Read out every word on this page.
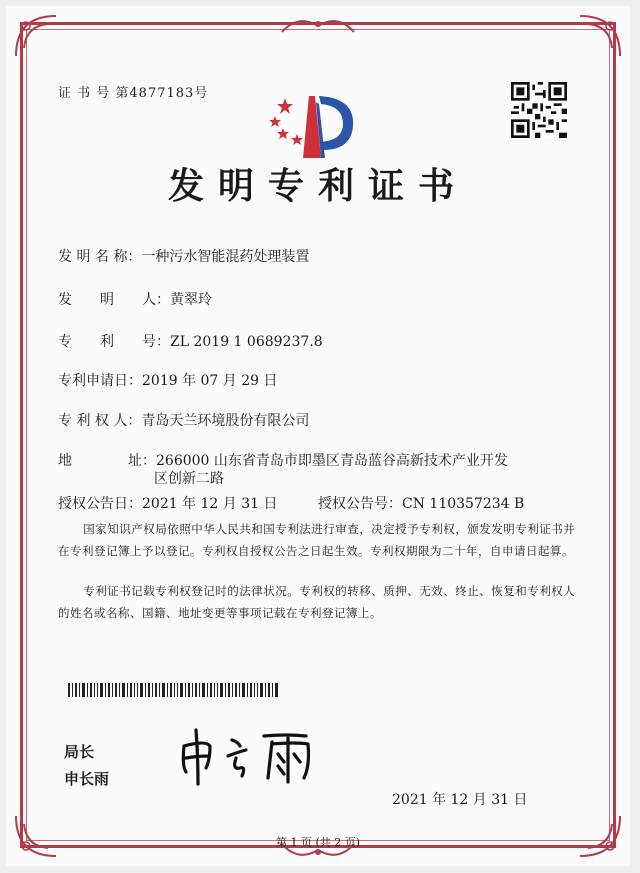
证 书 号 第4877183号
发明专利证书
发 明 名 称：一种污水智能混药处理装置
发　　明　　人：黄翠玲
专　　利　　号：ZL 2019 1 0689237.8
专利申请日：2019 年 07 月 29 日
专 利 权 人：青岛天兰环境股份有限公司
地　　　　址：266000 山东省青岛市即墨区青岛蓝谷高新技术产业开发
区创新二路
授权公告日：2021 年 12 月 31 日	授权公告号：CN 110357234 B
国家知识产权局依照中华人民共和国专利法进行审查，决定授予专利权，颁发发明专利证书并在专利登记簿上予以登记。专利权自授权公告之日起生效。专利权期限为二十年，自申请日起算。
专利证书记载专利权登记时的法律状况。专利权的转移、质押、无效、终止、恢复和专利权人的姓名或名称、国籍、地址变更等事项记载在专利登记簿上。
局长
申长雨
2021 年 12 月 31 日
第 1 页 (共 2 页)
